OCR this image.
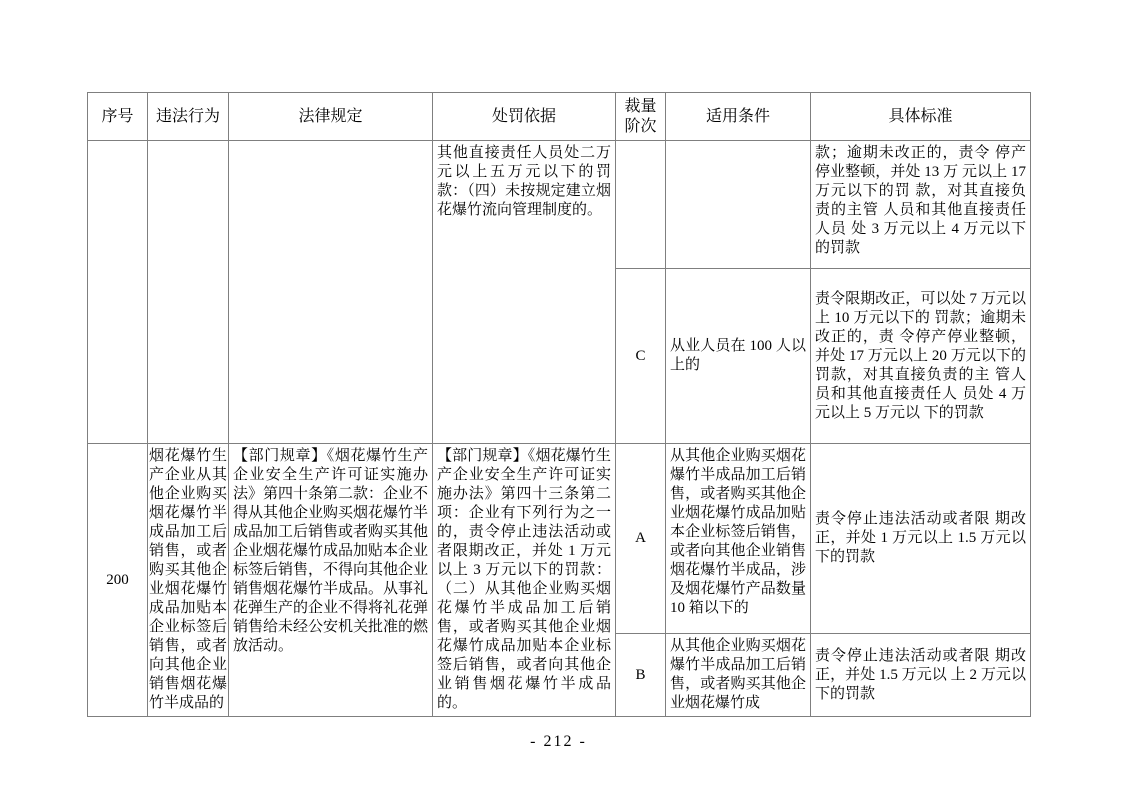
序号	违法行为	法律规定	处罚依据	裁量阶次	适用条件	具体标准
			其他直接责任人员处二万元以上五万元以下的罚款：（四）未按规定建立烟花爆竹流向管理制度的。			款；逾期未改正的，责令 停产停业整顿，并处 13 万 元以上 17 万元以下的罚 款，对其直接负责的主管 人员和其他直接责任人员 处 3 万元以上 4 万元以下 的罚款
				C	从业人员在 100 人以上的	责令限期改正，可以处 7 万元以上 10 万元以下的 罚款；逾期未改正的，责 令停产停业整顿，并处 17 万元以上 20 万元以下的 罚款，对其直接负责的主 管人员和其他直接责任人 员处 4 万元以上 5 万元以 下的罚款
200	烟花爆竹生产企业从其他企业购买烟花爆竹半成品加工后销售，或者购买其他企业烟花爆竹成品加贴本企业标签后销售，或者向其他企业销售烟花爆竹半成品的	【部门规章】《烟花爆竹生产企业安全生产许可证实施办法》第四十条第二款：企业不得从其他企业购买烟花爆竹半成品加工后销售或者购买其他企业烟花爆竹成品加贴本企业标签后销售，不得向其他企业销售烟花爆竹半成品。从事礼花弹生产的企业不得将礼花弹销售给未经公安机关批准的燃放活动。	【部门规章】《烟花爆竹生产企业安全生产许可证实施办法》第四十三条第二项：企业有下列行为之一的，责令停止违法活动或者限期改正，并处 1 万元以上 3 万元以下的罚款：（二）从其他企业购买烟花爆竹半成品加工后销售，或者购买其他企业烟花爆竹成品加贴本企业标签后销售，或者向其他企业销售烟花爆竹半成品的。	A	从其他企业购买烟花爆竹半成品加工后销售，或者购买其他企业烟花爆竹成品加贴本企业标签后销售，或者向其他企业销售烟花爆竹半成品，涉及烟花爆竹产品数量 10 箱以下的	责令停止违法活动或者限 期改正，并处 1 万元以上 1.5 万元以下的罚款
				B	从其他企业购买烟花爆竹半成品加工后销售，或者购买其他企业烟花爆竹成	责令停止违法活动或者限 期改正，并处 1.5 万元以 上 2 万元以下的罚款
- 212 -
